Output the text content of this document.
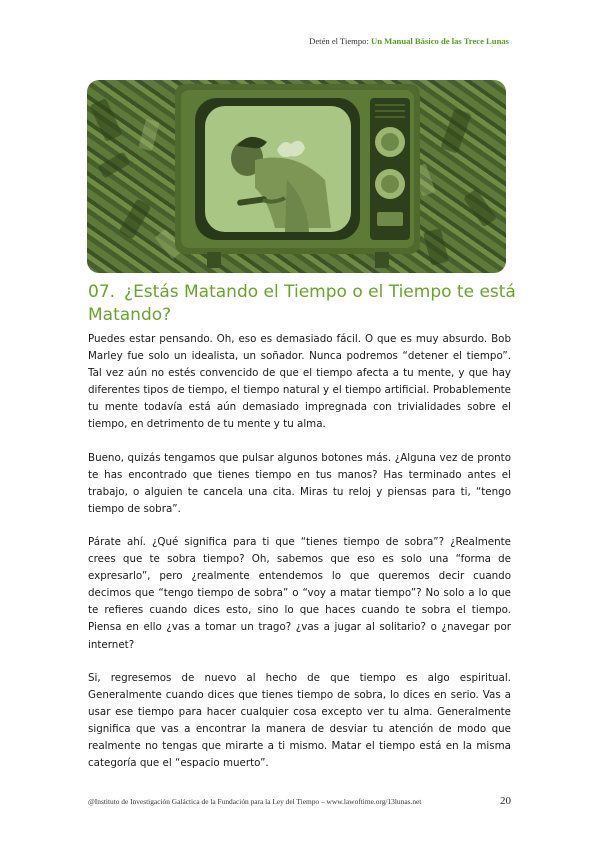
Detén el Tiempo: Un Manual Básico de las Trece Lunas
07. ¿Estás Matando el Tiempo o el Tiempo te está Matando?

Puedes estar pensando. Oh, eso es demasiado fácil. O que es muy absurdo. Bob Marley fue solo un idealista, un soñador. Nunca podremos “detener el tiempo”. Tal vez aún no estés convencido de que el tiempo afecta a tu mente, y que hay diferentes tipos de tiempo, el tiempo natural y el tiempo artificial. Probablemente tu mente todavía está aún demasiado impregnada con trivialidades sobre el tiempo, en detrimento de tu mente y tu alma.

Bueno, quizás tengamos que pulsar algunos botones más. ¿Alguna vez de pronto te has encontrado que tienes tiempo en tus manos? Has terminado antes el trabajo, o alguien te cancela una cita. Miras tu reloj y piensas para ti, “tengo tiempo de sobra”.

Párate ahí. ¿Qué significa para ti que “tienes tiempo de sobra”? ¿Realmente crees que te sobra tiempo? Oh, sabemos que eso es solo una “forma de expresarlo”, pero ¿realmente entendemos lo que queremos decir cuando decimos que “tengo tiempo de sobra” o “voy a matar tiempo”? No solo a lo que te refieres cuando dices esto, sino lo que haces cuando te sobra el tiempo. Piensa en ello ¿vas a tomar un trago? ¿vas a jugar al solitario? o ¿navegar por internet?

Si, regresemos de nuevo al hecho de que tiempo es algo espiritual. Generalmente cuando dices que tienes tiempo de sobra, lo dices en serio. Vas a usar ese tiempo para hacer cualquier cosa excepto ver tu alma. Generalmente significa que vas a encontrar la manera de desviar tu atención de modo que realmente no tengas que mirarte a ti mismo. Matar el tiempo está en la misma categoría que el “espacio muerto”.

@Instituto de Investigación Galáctica de la Fundación para la Ley del Tiempo – www.lawoftime.org/13lunas.net	20
